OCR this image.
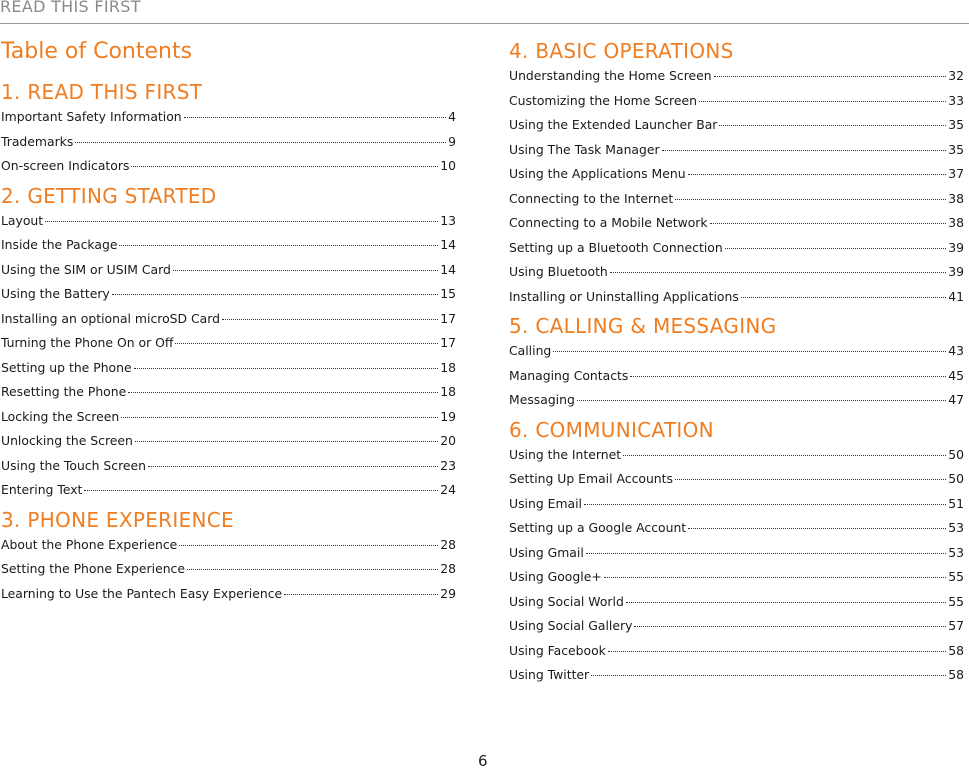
READ THIS FIRST
Table of Contents
1. READ THIS FIRST
Important Safety Information	4
Trademarks	9
On-screen Indicators	10
2. GETTING STARTED
Layout	13
Inside the Package	14
Using the SIM or USIM Card	14
Using the Battery	15
Installing an optional microSD Card	17
Turning the Phone On or Off	17
Setting up the Phone	18
Resetting the Phone	18
Locking the Screen	19
Unlocking the Screen	20
Using the Touch Screen	23
Entering Text	24
3. PHONE EXPERIENCE
About the Phone Experience	28
Setting the Phone Experience	28
Learning to Use the Pantech Easy Experience	29
4. BASIC OPERATIONS
Understanding the Home Screen	32
Customizing the Home Screen	33
Using the Extended Launcher Bar	35
Using The Task Manager	35
Using the Applications Menu	37
Connecting to the Internet	38
Connecting to a Mobile Network	38
Setting up a Bluetooth Connection	39
Using Bluetooth	39
Installing or Uninstalling Applications	41
5. CALLING & MESSAGING
Calling	43
Managing Contacts	45
Messaging	47
6. COMMUNICATION
Using the Internet	50
Setting Up Email Accounts	50
Using Email	51
Setting up a Google Account	53
Using Gmail	53
Using Google+	55
Using Social World	55
Using Social Gallery	57
Using Facebook	58
Using Twitter	58
6
